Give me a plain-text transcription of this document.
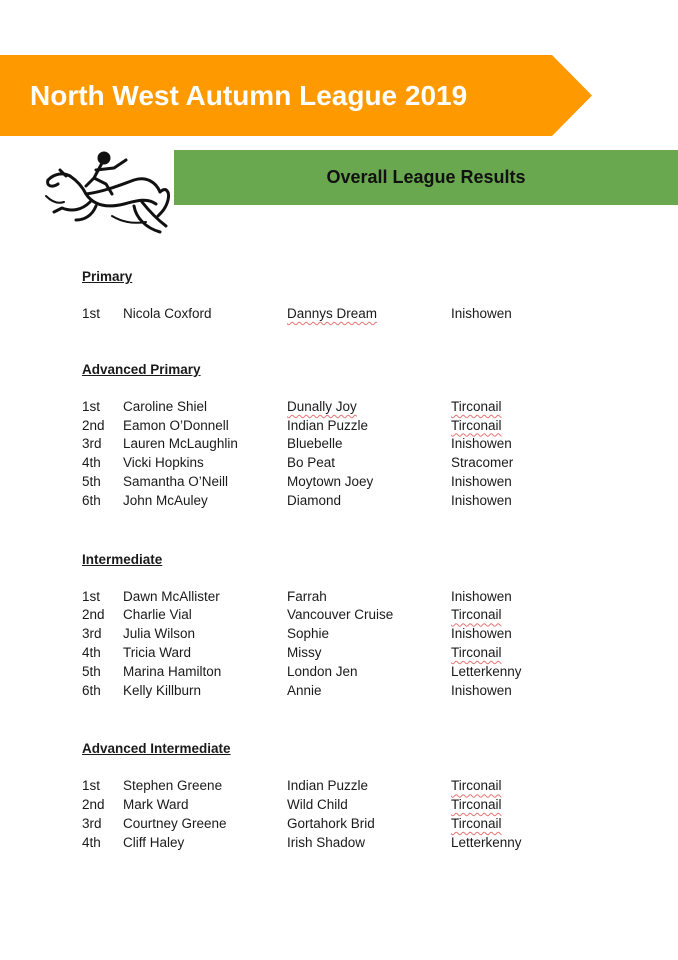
North West Autumn League 2019
Overall League Results
Primary
1st Nicola Coxford	Dannys Dream	Inishowen
Advanced Primary
1st Caroline Shiel	Dunally Joy	Tirconail
2nd Eamon O’Donnell	Indian Puzzle	Tirconail
3rd Lauren McLaughlin	Bluebelle	Inishowen
4th Vicki Hopkins	Bo Peat	Stracomer
5th Samantha O’Neill	Moytown Joey	Inishowen
6th John McAuley	Diamond	Inishowen
Intermediate
1st Dawn McAllister	Farrah	Inishowen
2nd Charlie Vial	Vancouver Cruise	Tirconail
3rd Julia Wilson	Sophie	Inishowen
4th Tricia Ward	Missy	Tirconail
5th Marina Hamilton	London Jen	Letterkenny
6th Kelly Killburn	Annie	Inishowen
Advanced Intermediate
1st Stephen Greene	Indian Puzzle	Tirconail
2nd Mark Ward	Wild Child	Tirconail
3rd Courtney Greene	Gortahork Brid	Tirconail
4th Cliff Haley	Irish Shadow	Letterkenny
